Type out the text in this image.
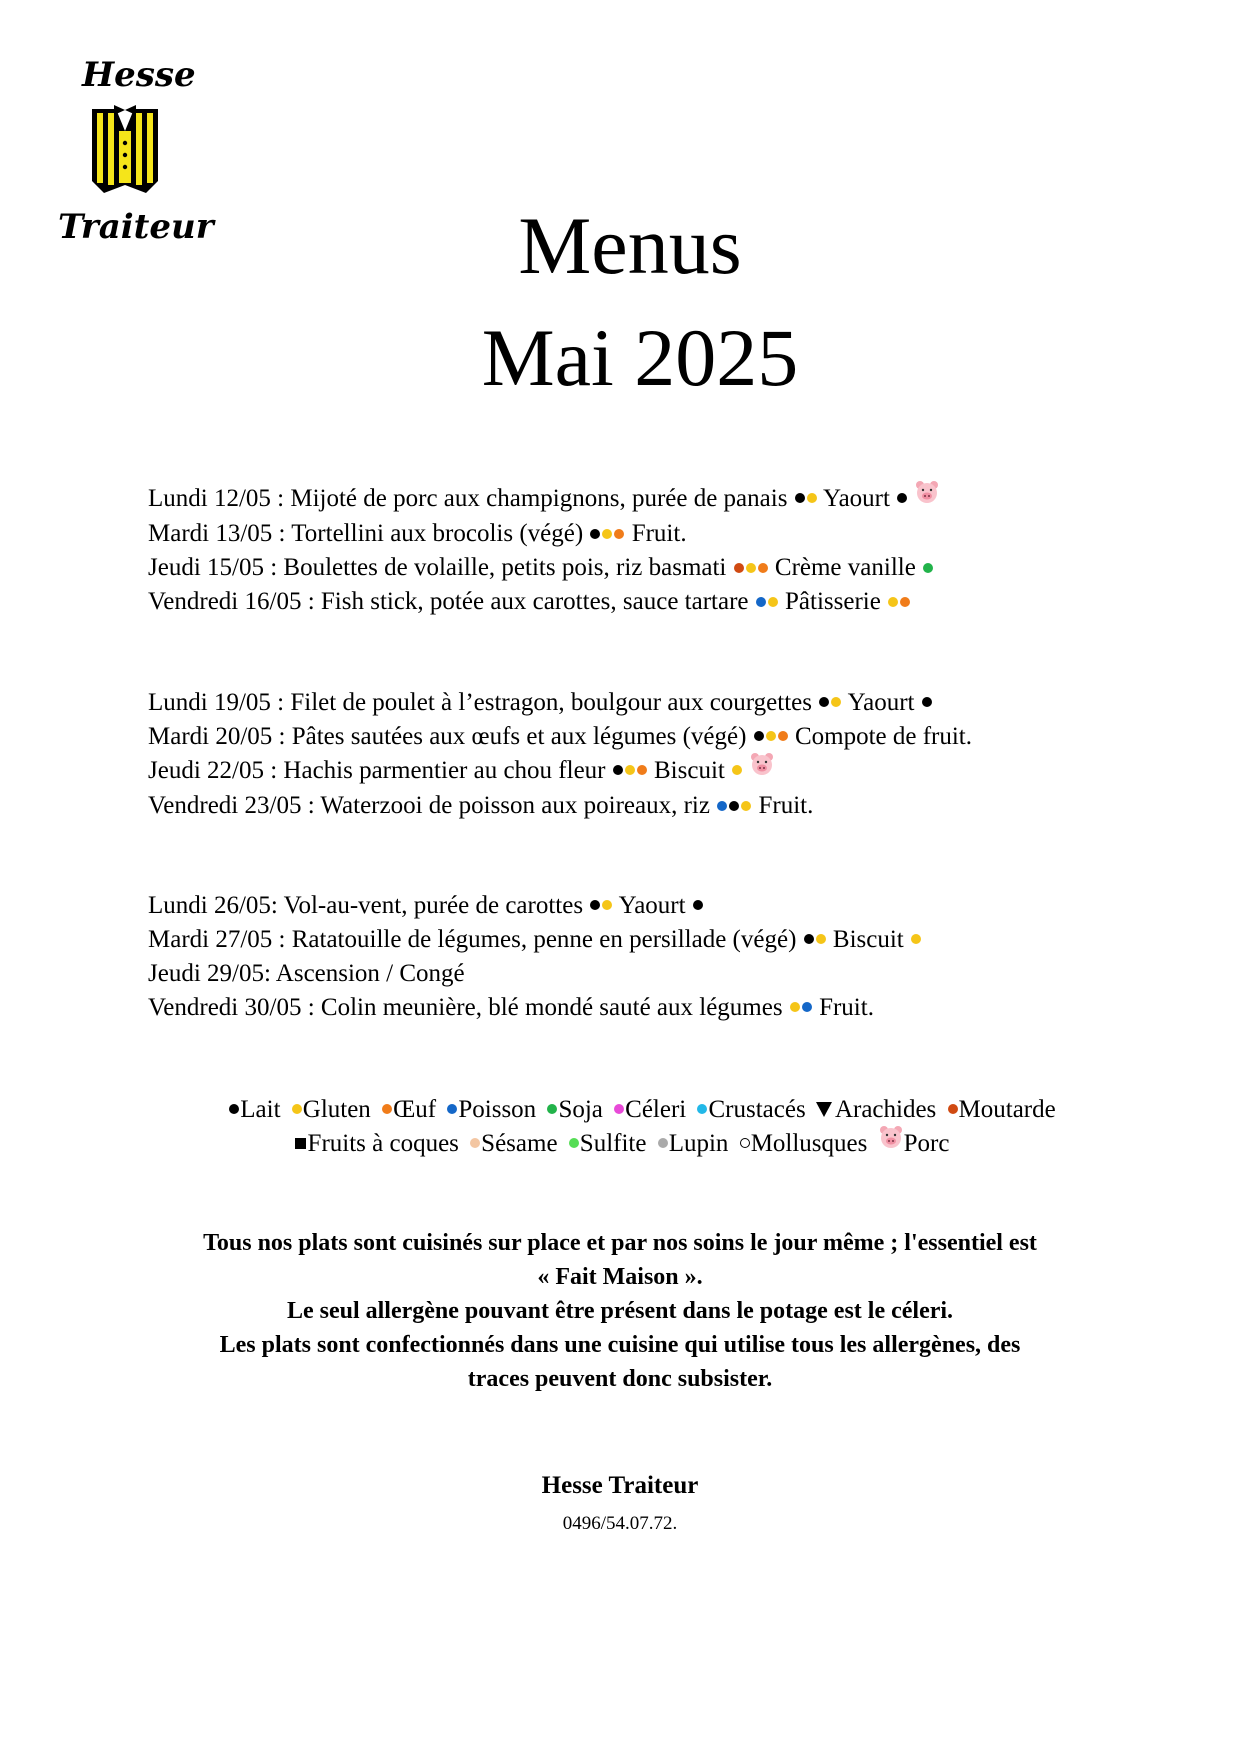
Hesse
Traiteur	Menus
Mai 2025
Lundi 12/05 : Mijoté de porc aux champignons, purée de panais Yaourt
Mardi 13/05 : Tortellini aux brocolis (végé) Fruit.
Jeudi 15/05 : Boulettes de volaille, petits pois, riz basmati Crème vanille
Vendredi 16/05 : Fish stick, potée aux carottes, sauce tartare Pâtisserie
Lundi 19/05 : Filet de poulet à l’estragon, boulgour aux courgettes Yaourt
Mardi 20/05 : Pâtes sautées aux œufs et aux légumes (végé) Compote de fruit.
Jeudi 22/05 : Hachis parmentier au chou fleur Biscuit
Vendredi 23/05 : Waterzooi de poisson aux poireaux, riz Fruit.
Lundi 26/05: Vol-au-vent, purée de carottes Yaourt
Mardi 27/05 : Ratatouille de légumes, penne en persillade (végé) Biscuit
Jeudi 29/05: Ascension / Congé
Vendredi 30/05 : Colin meunière, blé mondé sauté aux légumes Fruit.
Lait Gluten Œuf Poisson Soja Céleri Crustacés Arachides Moutarde
Fruits à coques Sésame Sulfite Lupin Mollusques Porc
Tous nos plats sont cuisinés sur place et par nos soins le jour même ; l'essentiel est
« Fait Maison ».
Le seul allergène pouvant être présent dans le potage est le céleri.
Les plats sont confectionnés dans une cuisine qui utilise tous les allergènes, des
traces peuvent donc subsister.
Hesse Traiteur
0496/54.07.72.
